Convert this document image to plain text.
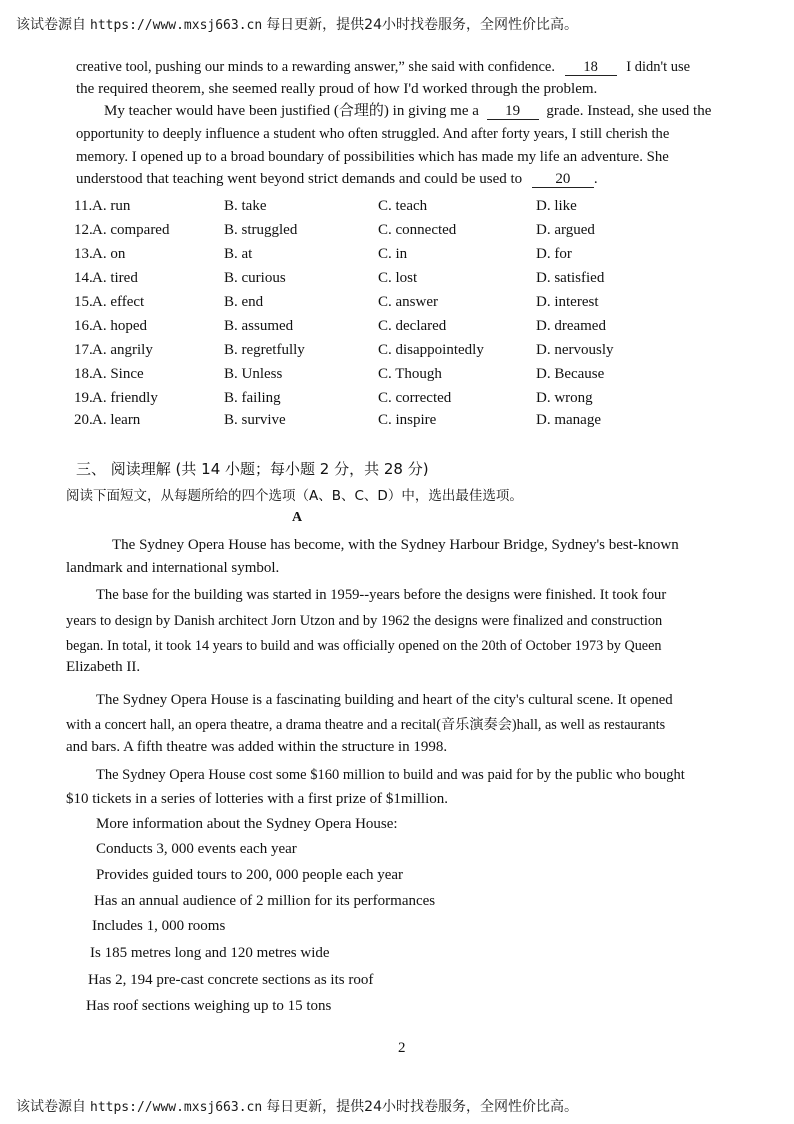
该试卷源自 https://www.mxsj663.cn 每日更新，提供24小时找卷服务，全网性价比高。
creative tool, pushing our minds to a rewarding answer,” she said with confidence. 18 I didn't use
the required theorem, she seemed really proud of how I'd worked through the problem.
My teacher would have been justified (合理的) in giving me a 19 grade. Instead, she used the
opportunity to deeply influence a student who often struggled. And after forty years, I still cherish the
memory. I opened up to a broad boundary of possibilities which has made my life an adventure. She
understood that teaching went beyond strict demands and could be used to 20 .
11. A. run	B. take	C. teach	D. like
12. A. compared	B. struggled	C. connected	D. argued
13. A. on	B. at	C. in	D. for
14. A. tired	B. curious	C. lost	D. satisfied
15. A. effect	B. end	C. answer	D. interest
16. A. hoped	B. assumed	C. declared	D. dreamed
17. A. angrily	B. regretfully	C. disappointedly	D. nervously
18. A. Since	B. Unless	C. Though	D. Because
19. A. friendly	B. failing	C. corrected	D. wrong
20. A. learn	B. survive	C. inspire	D. manage
三、 阅读理解 (共 14 小题；每小题 2 分，共 28 分)
阅读下面短文，从每题所给的四个选项（A、B、C、D）中，选出最佳选项。
A
The Sydney Opera House has become, with the Sydney Harbour Bridge, Sydney's best-known
landmark and international symbol.
The base for the building was started in 1959--years before the designs were finished. It took four
years to design by Danish architect Jorn Utzon and by 1962 the designs were finalized and construction
began. In total, it took 14 years to build and was officially opened on the 20th of October 1973 by Queen
Elizabeth II.
The Sydney Opera House is a fascinating building and heart of the city's cultural scene. It opened
with a concert hall, an opera theatre, a drama theatre and a recital(音乐演奏会)hall, as well as restaurants
and bars. A fifth theatre was added within the structure in 1998.
The Sydney Opera House cost some $160 million to build and was paid for by the public who bought
$10 tickets in a series of lotteries with a first prize of $1million.
More information about the Sydney Opera House:
Conducts 3, 000 events each year
Provides guided tours to 200, 000 people each year
Has an annual audience of 2 million for its performances
Includes 1, 000 rooms
Is 185 metres long and 120 metres wide
Has 2, 194 pre-cast concrete sections as its roof
Has roof sections weighing up to 15 tons
2
该试卷源自 https://www.mxsj663.cn 每日更新，提供24小时找卷服务，全网性价比高。
